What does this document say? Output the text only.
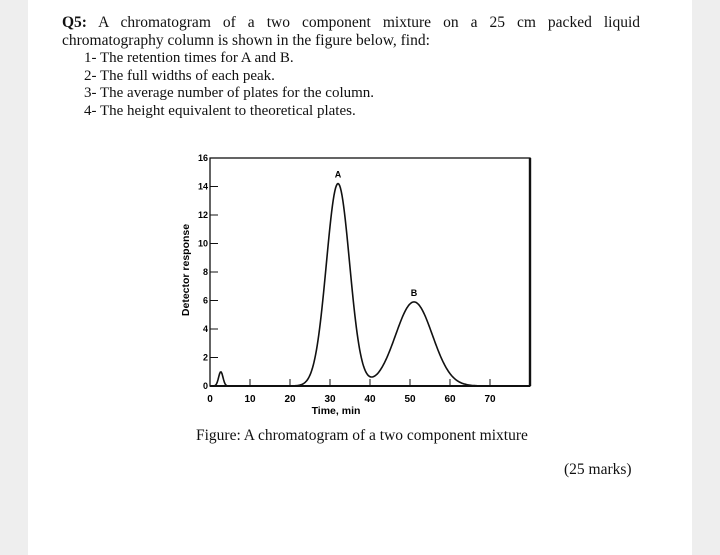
Q5: A chromatogram of a two component mixture on a 25 cm packed liquid
chromatography column is shown in the figure below, find:
1- The retention times for A and B.
2- The full widths of each peak.
3- The average number of plates for the column.
4- The height equivalent to theoretical plates.
Detector response
Time, min
0
2
4
6
8
10
12
14
16
0	10	20	30	40	50	60	70
A
B
Figure: A chromatogram of a two component mixture
(25 marks)
